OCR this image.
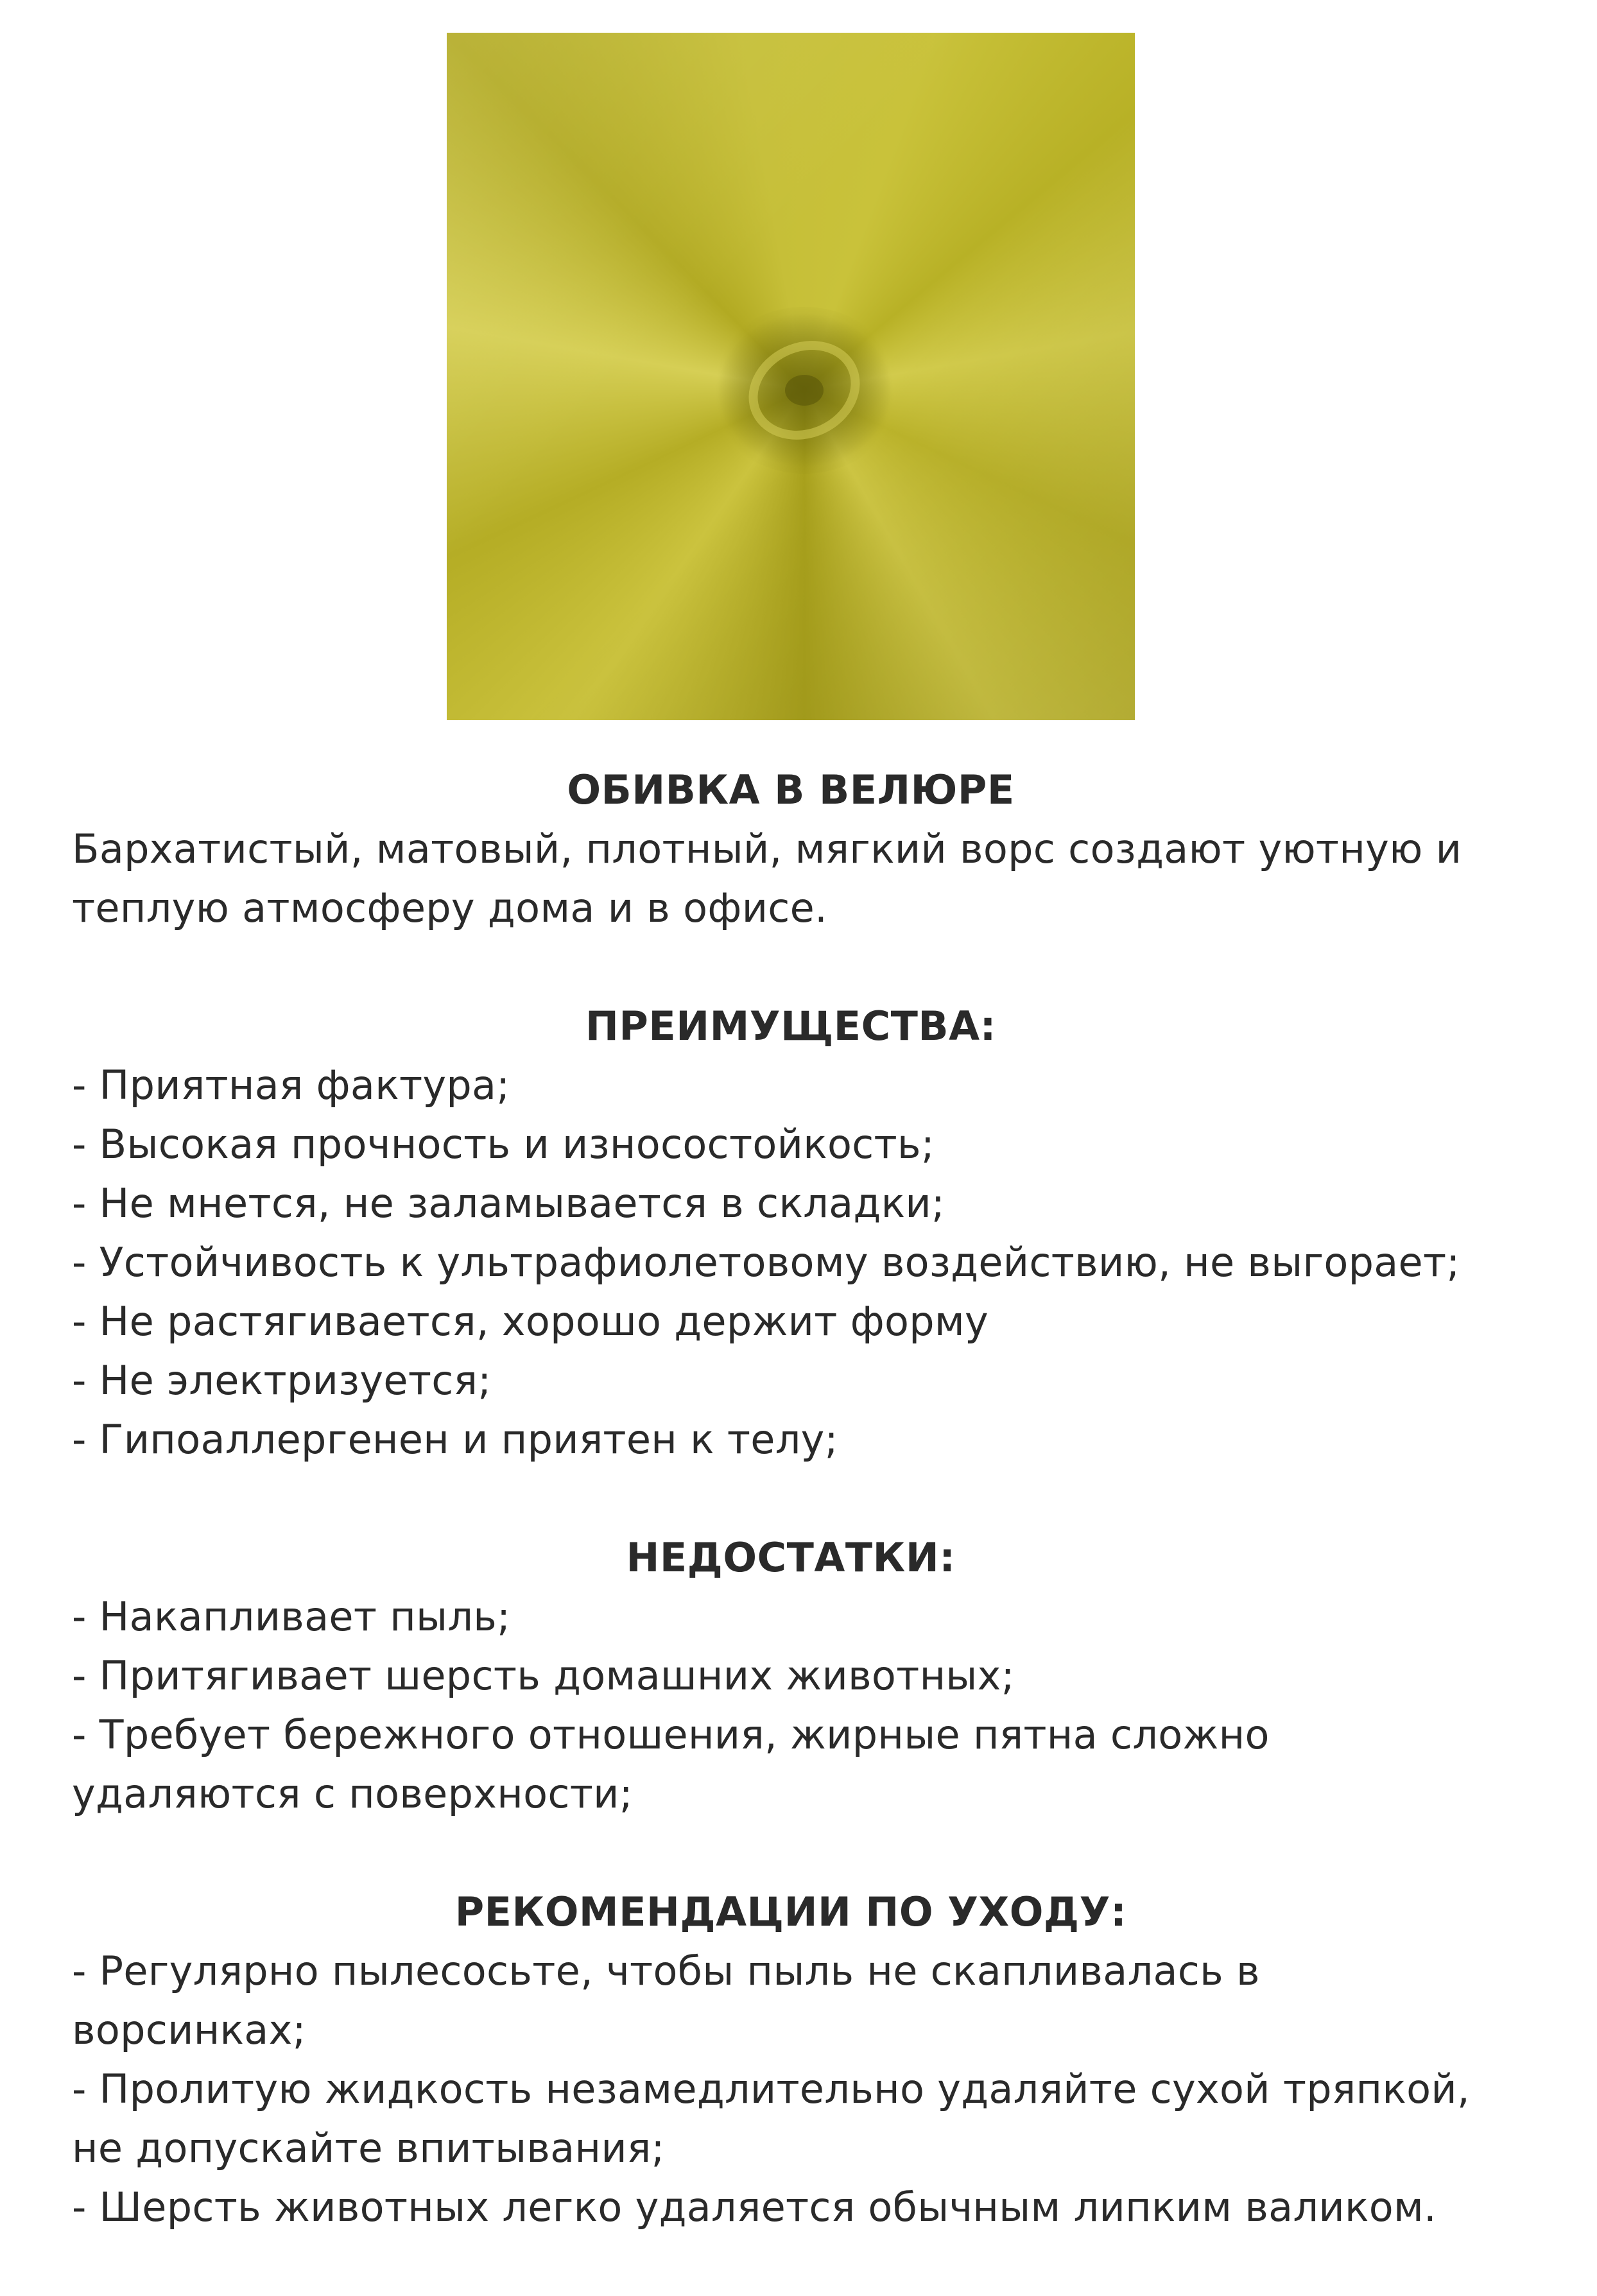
ОБИВКА В ВЕЛЮРЕ
Бархатистый, матовый, плотный, мягкий ворс создают уютную и
теплую атмосферу дома и в офисе.
ПРЕИМУЩЕСТВА:
- Приятная фактура;
- Высокая прочность и износостойкость;
- Не мнется, не заламывается в складки;
- Устойчивость к ультрафиолетовому воздействию, не выгорает;
- Не растягивается, хорошо держит форму
- Не электризуется;
- Гипоаллергенен и приятен к телу;
НЕДОСТАТКИ:
- Накапливает пыль;
- Притягивает шерсть домашних животных;
- Требует бережного отношения, жирные пятна сложно
удаляются с поверхности;
РЕКОМЕНДАЦИИ ПО УХОДУ:
- Регулярно пылесосьте, чтобы пыль не скапливалась в
ворсинках;
- Пролитую жидкость незамедлительно удаляйте сухой тряпкой,
не допускайте впитывания;
- Шерсть животных легко удаляется обычным липким валиком.
